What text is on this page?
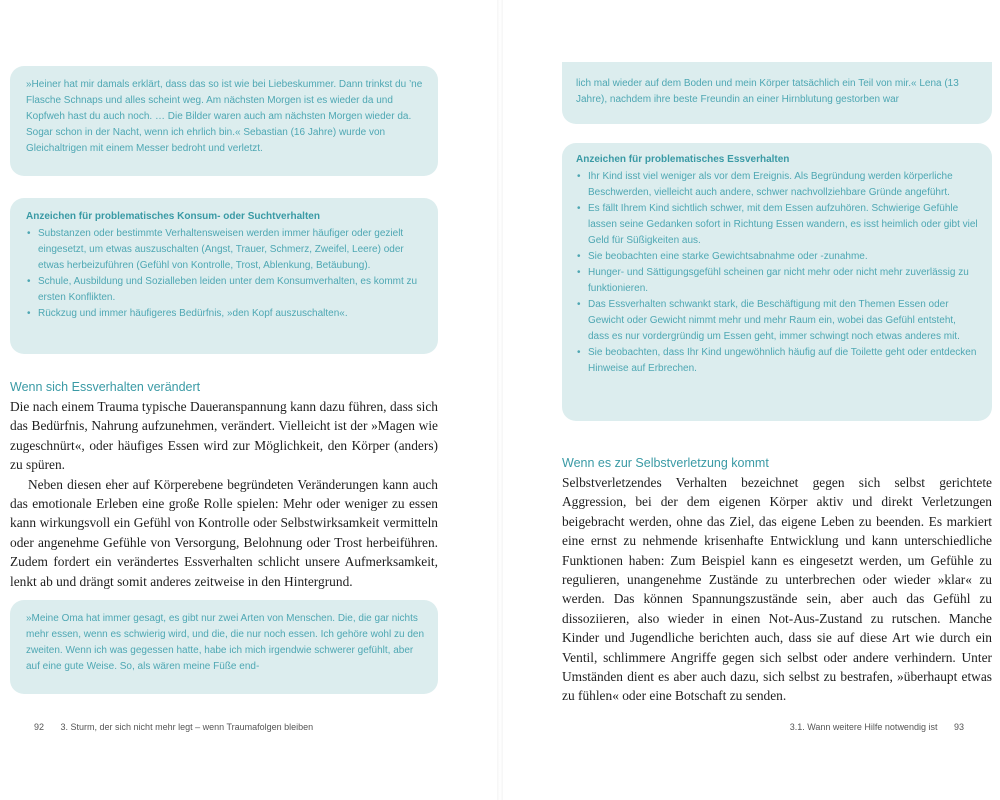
»Heiner hat mir damals erklärt, dass das so ist wie bei Liebeskummer. Dann trinkst du ’ne Flasche Schnaps und alles scheint weg. Am nächsten Morgen ist es wieder da und Kopfweh hast du auch noch. … Die Bilder waren auch am nächsten Morgen wieder da. Sogar schon in der Nacht, wenn ich ehrlich bin.« Sebastian (16 Jahre) wurde von Gleichaltrigen mit einem Messer bedroht und verletzt.
Anzeichen für problematisches Konsum- oder Suchtverhalten
• Substanzen oder bestimmte Verhaltensweisen werden immer häufiger oder gezielt eingesetzt, um etwas auszuschalten (Angst, Trauer, Schmerz, Zweifel, Leere) oder etwas herbeizuführen (Gefühl von Kontrolle, Trost, Ablenkung, Betäubung).
• Schule, Ausbildung und Sozialleben leiden unter dem Konsumverhalten, es kommt zu ersten Konflikten.
• Rückzug und immer häufigeres Bedürfnis, »den Kopf auszuschalten«.
Wenn sich Essverhalten verändert

Die nach einem Trauma typische Daueranspannung kann dazu führen, dass sich das Bedürfnis, Nahrung aufzunehmen, verändert. Vielleicht ist der »Magen wie zugeschnürt«, oder häufiges Essen wird zur Möglichkeit, den Körper (anders) zu spüren.

Neben diesen eher auf Körperebene begründeten Veränderungen kann auch das emotionale Erleben eine große Rolle spielen: Mehr oder weniger zu essen kann wirkungsvoll ein Gefühl von Kontrolle oder Selbstwirksamkeit vermitteln oder angenehme Gefühle von Versorgung, Belohnung oder Trost herbeiführen. Zudem fordert ein verändertes Essverhalten schlicht unsere Aufmerksamkeit, lenkt ab und drängt somit anderes zeitweise in den Hintergrund.

»Meine Oma hat immer gesagt, es gibt nur zwei Arten von Menschen. Die, die gar nichts mehr essen, wenn es schwierig wird, und die, die nur noch essen. Ich gehöre wohl zu den zweiten. Wenn ich was gegessen hatte, habe ich mich irgendwie schwerer gefühlt, aber auf eine gute Weise. So, als wären meine Füße end-
92 3. Sturm, der sich nicht mehr legt – wenn Traumafolgen bleiben
lich mal wieder auf dem Boden und mein Körper tatsächlich ein Teil von mir.« Lena (13 Jahre), nachdem ihre beste Freundin an einer Hirnblutung gestorben war
Anzeichen für problematisches Essverhalten
• Ihr Kind isst viel weniger als vor dem Ereignis. Als Begründung werden körperliche Beschwerden, vielleicht auch andere, schwer nachvollziehbare Gründe angeführt.
• Es fällt Ihrem Kind sichtlich schwer, mit dem Essen aufzuhören. Schwierige Gefühle lassen seine Gedanken sofort in Richtung Essen wandern, es isst heimlich oder gibt viel Geld für Süßigkeiten aus.
• Sie beobachten eine starke Gewichtsabnahme oder -zunahme.
• Hunger- und Sättigungsgefühl scheinen gar nicht mehr oder nicht mehr zuverlässig zu funktionieren.
• Das Essverhalten schwankt stark, die Beschäftigung mit den Themen Essen oder Gewicht oder Gewicht nimmt mehr und mehr Raum ein, wobei das Gefühl entsteht, dass es nur vordergründig um Essen geht, immer schwingt noch etwas anderes mit.
• Sie beobachten, dass Ihr Kind ungewöhnlich häufig auf die Toilette geht oder entdecken Hinweise auf Erbrechen.
Wenn es zur Selbstverletzung kommt

Selbstverletzendes Verhalten bezeichnet gegen sich selbst gerichtete Aggression, bei der dem eigenen Körper aktiv und direkt Verletzungen beigebracht werden, ohne das Ziel, das eigene Leben zu beenden. Es markiert eine ernst zu nehmende krisenhafte Entwicklung und kann unterschiedliche Funktionen haben: Zum Beispiel kann es eingesetzt werden, um Gefühle zu regulieren, unangenehme Zustände zu unterbrechen oder wieder »klar« zu werden. Das können Spannungszustände sein, aber auch das Gefühl zu dissoziieren, also wieder in einen Not-Aus-Zustand zu rutschen. Manche Kinder und Jugendliche berichten auch, dass sie auf diese Art wie durch ein Ventil, schlimmere Angriffe gegen sich selbst oder andere verhindern. Unter Umständen dient es aber auch dazu, sich selbst zu bestrafen, »überhaupt etwas zu fühlen« oder eine Botschaft zu senden.

3.1. Wann weitere Hilfe notwendig ist 93
